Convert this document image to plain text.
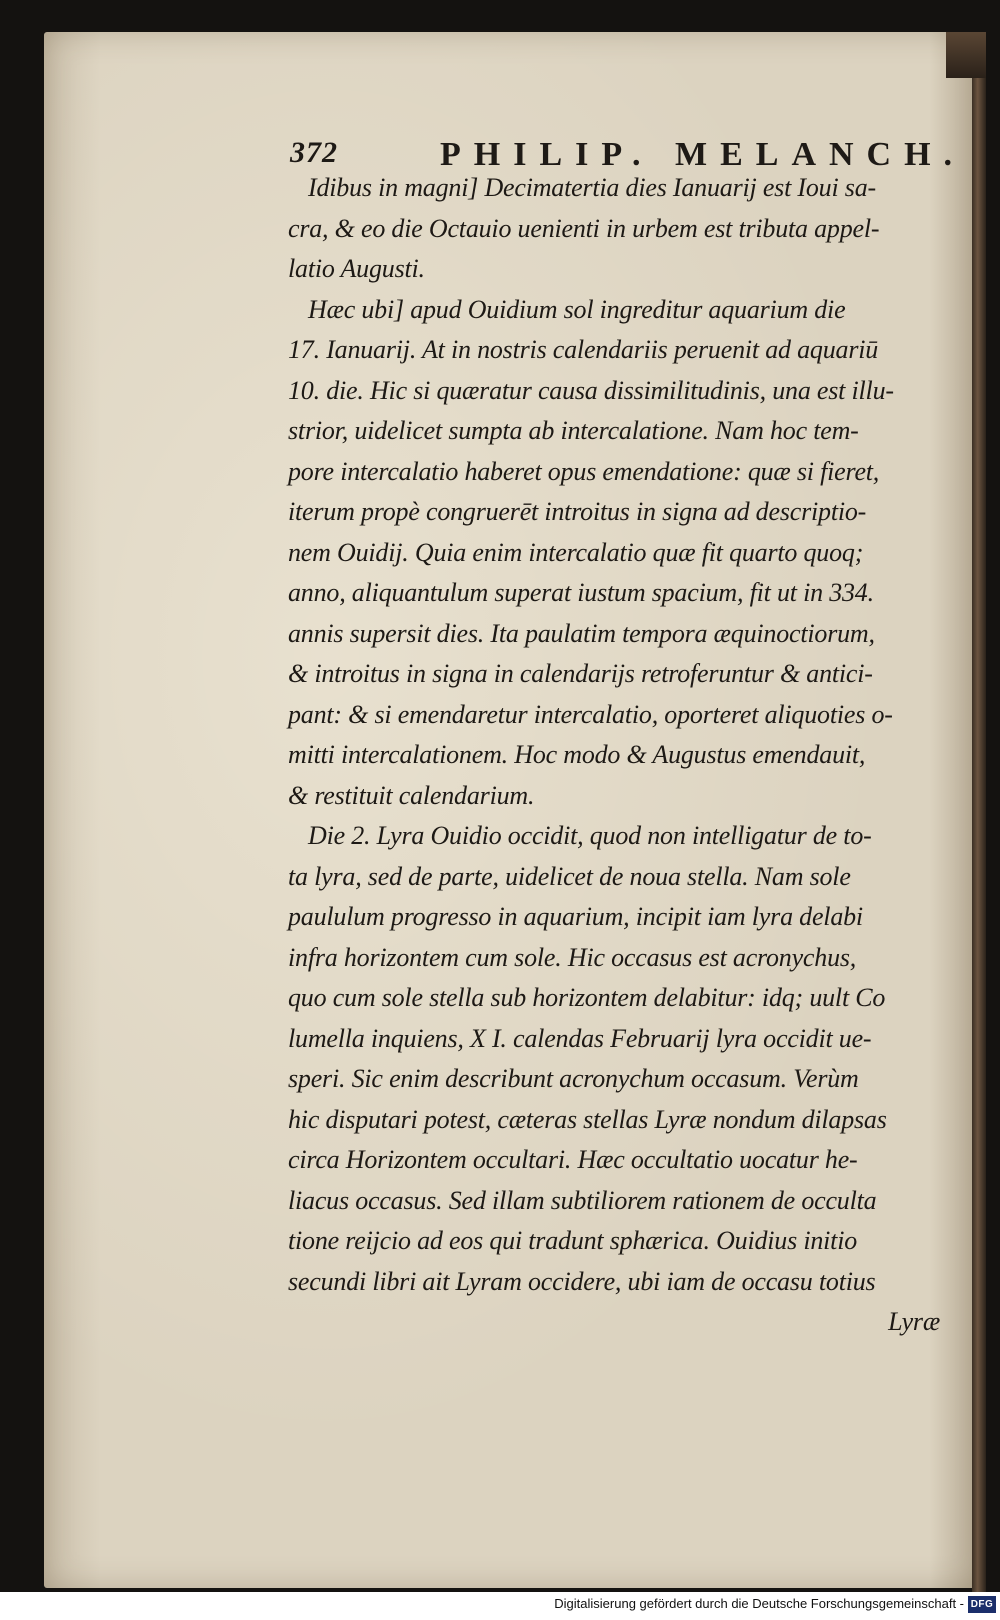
372	PHILIP. MELANCH.
Idibus in magni] Decimatertia dies Ianuarij est Ioui sa-
cra, & eo die Octauio uenienti in urbem est tributa appel-
latio Augusti.
Hæc ubi] apud Ouidium sol ingreditur aquarium die
17. Ianuarij. At in nostris calendariis peruenit ad aquariū
10. die. Hic si quæratur causa dissimilitudinis, una est illu-
strior, uidelicet sumpta ab intercalatione. Nam hoc tem-
pore intercalatio haberet opus emendatione: quæ si fieret,
iterum propè congruerēt introitus in signa ad descriptio-
nem Ouidij. Quia enim intercalatio quæ fit quarto quoq;
anno, aliquantulum superat iustum spacium, fit ut in 334.
annis supersit dies. Ita paulatim tempora æquinoctiorum,
& introitus in signa in calendarijs retroferuntur & antici-
pant: & si emendaretur intercalatio, oporteret aliquoties o-
mitti intercalationem. Hoc modo & Augustus emendauit,
& restituit calendarium.
Die 2. Lyra Ouidio occidit, quod non intelligatur de to-
ta lyra, sed de parte, uidelicet de noua stella. Nam sole
paululum progresso in aquarium, incipit iam lyra delabi
infra horizontem cum sole. Hic occasus est acronychus,
quo cum sole stella sub horizontem delabitur: idq; uult Co
lumella inquiens, X I. calendas Februarij lyra occidit ue-
speri. Sic enim describunt acronychum occasum. Verùm
hic disputari potest, cæteras stellas Lyræ nondum dilapsas
circa Horizontem occultari. Hæc occultatio uocatur he-
liacus occasus. Sed illam subtiliorem rationem de occulta
tione reijcio ad eos qui tradunt sphærica. Ouidius initio
secundi libri ait Lyram occidere, ubi iam de occasu totius
Lyræ
Digitalisierung gefördert durch die Deutsche Forschungsgemeinschaft - DFG
